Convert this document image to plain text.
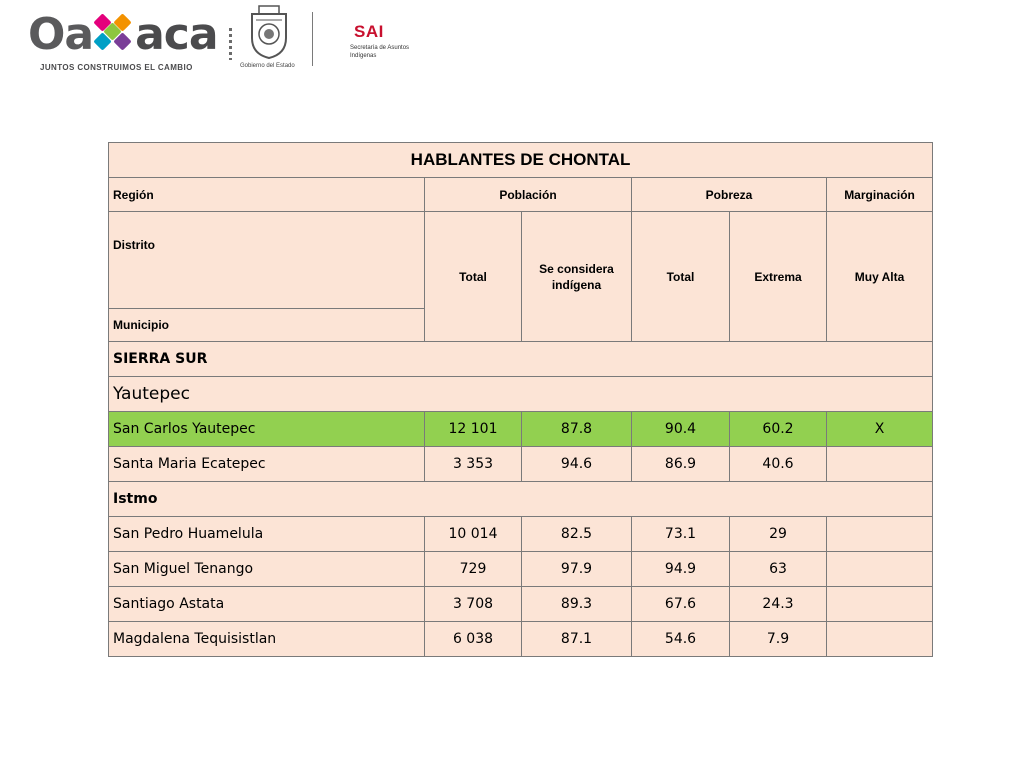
Oa aca
JUNTOS CONSTRUIMOS EL CAMBIO	Gobierno del Estado
SAI
Secretaría de Asuntos Indígenas
HABLANTES DE CHONTAL					
Región	Población		Pobreza		Marginación
Distrito	Total	Se considera indígena	Total	Extrema	Muy Alta
Municipio					
SIERRA SUR					
Yautepec					
San Carlos Yautepec	12 101	87.8	90.4	60.2	X
Santa Maria Ecatepec	3 353	94.6	86.9	40.6	
Istmo					
San Pedro Huamelula	10 014	82.5	73.1	29	
San Miguel Tenango	729	97.9	94.9	63	
Santiago Astata	3 708	89.3	67.6	24.3	
Magdalena Tequisistlan	6 038	87.1	54.6	7.9	
